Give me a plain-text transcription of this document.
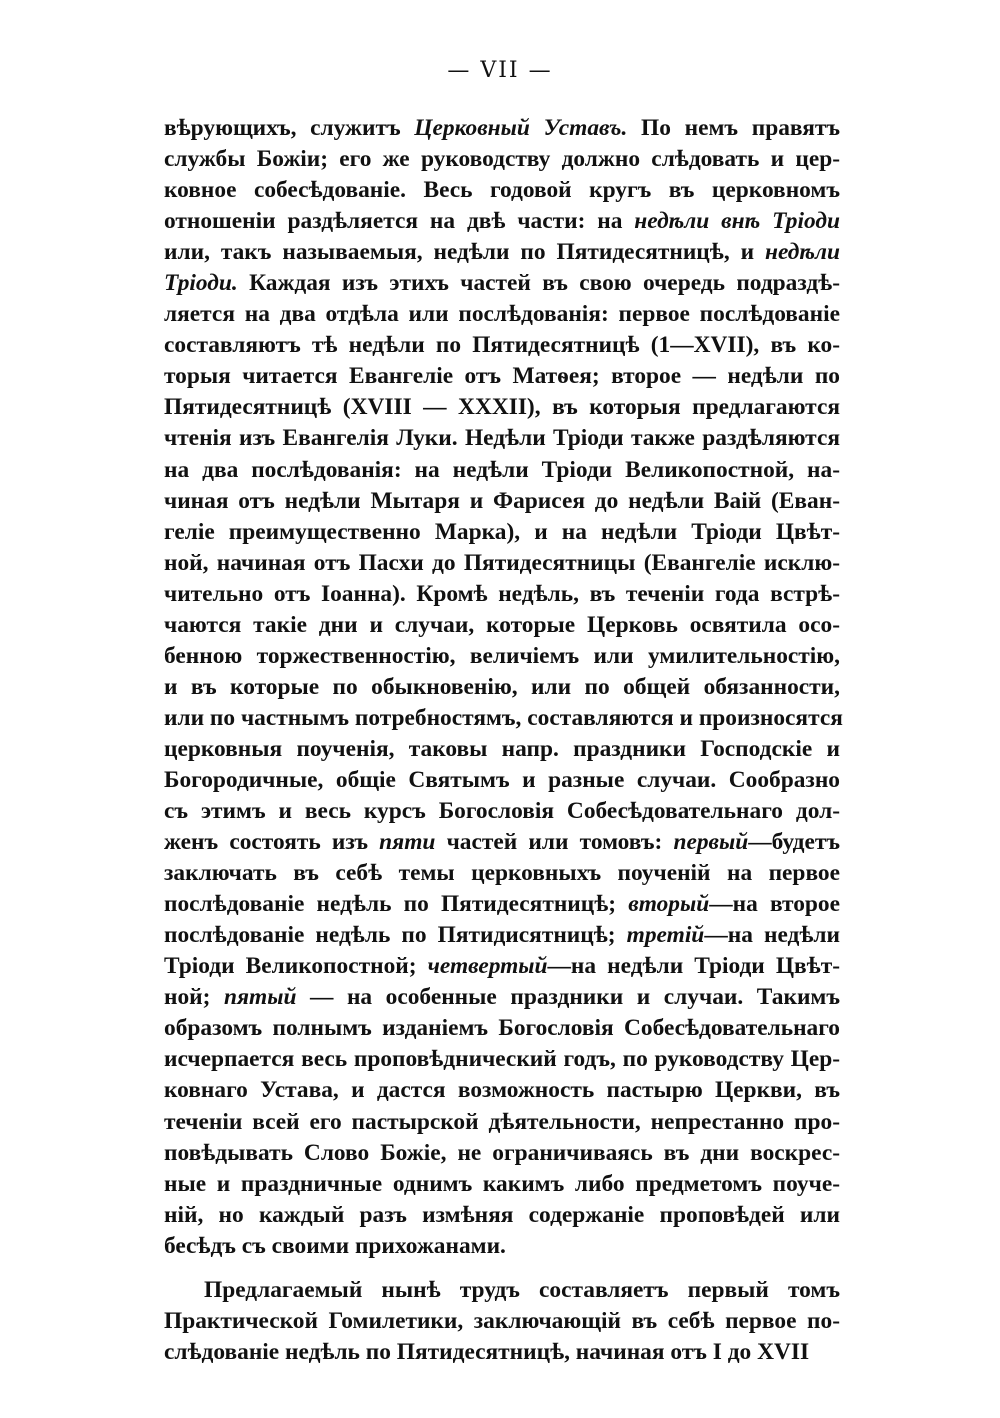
— VII —
вѣрующихъ, служитъ Церковный Уставъ. По немъ правятъ
службы Божіи; его же руководству должно слѣдовать и цер-
ковное собесѣдованіе. Весь годовой кругъ въ церковномъ
отношеніи раздѣляется на двѣ части: на недѣли внѣ Тріоди
или, такъ называемыя, недѣли по Пятидесятницѣ, и недѣли
Тріоди. Каждая изъ этихъ частей въ свою очередь подраздѣ-
ляется на два отдѣла или послѣдованія: первое послѣдованіе
составляютъ тѣ недѣли по Пятидесятницѣ (1—XVII), въ ко-
торыя читается Евангеліе отъ Матѳея; второе — недѣли по
Пятидесятницѣ (XVIII — XXXII), въ которыя предлагаются
чтенія изъ Евангелія Луки. Недѣли Тріоди также раздѣляются
на два послѣдованія: на недѣли Тріоди Великопостной, на-
чиная отъ недѣли Мытаря и Фарисея до недѣли Ваій (Еван-
геліе преимущественно Марка), и на недѣли Тріоди Цвѣт-
ной, начиная отъ Пасхи до Пятидесятницы (Евангеліе исклю-
чительно отъ Іоанна). Кромѣ недѣль, въ теченіи года встрѣ-
чаются такіе дни и случаи, которые Церковь освятила осо-
бенною торжественностію, величіемъ или умилительностію,
и въ которые по обыкновенію, или по общей обязанности,
или по частнымъ потребностямъ, составляются и произносятся
церковныя поученія, таковы напр. праздники Господскіе и
Богородичные, общіе Святымъ и разные случаи. Сообразно
съ этимъ и весь курсъ Богословія Собесѣдовательнаго дол-
женъ состоять изъ пяти частей или томовъ: первый—будетъ
заключать въ себѣ темы церковныхъ поученій на первое
послѣдованіе недѣль по Пятидесятницѣ; вторый—на второе
послѣдованіе недѣль по Пятидисятницѣ; третій—на недѣли
Тріоди Великопостной; четвертый—на недѣли Тріоди Цвѣт-
ной; пятый — на особенные праздники и случаи. Такимъ
образомъ полнымъ изданіемъ Богословія Собесѣдовательнаго
исчерпается весь проповѣднический годъ, по руководству Цер-
ковнаго Устава, и дастся возможность пастырю Церкви, въ
теченіи всей его пастырской дѣятельности, непрестанно про-
повѣдывать Слово Божіе, не ограничиваясь въ дни воскрес-
ные и праздничные однимъ какимъ либо предметомъ поуче-
ній, но каждый разъ измѣняя содержаніе проповѣдей или
бесѣдъ съ своими прихожанами.
Предлагаемый нынѣ трудъ составляетъ первый томъ
Практической Гомилетики, заключающій въ себѣ первое по-
слѣдованіе недѣль по Пятидесятницѣ, начиная отъ I до XVII
